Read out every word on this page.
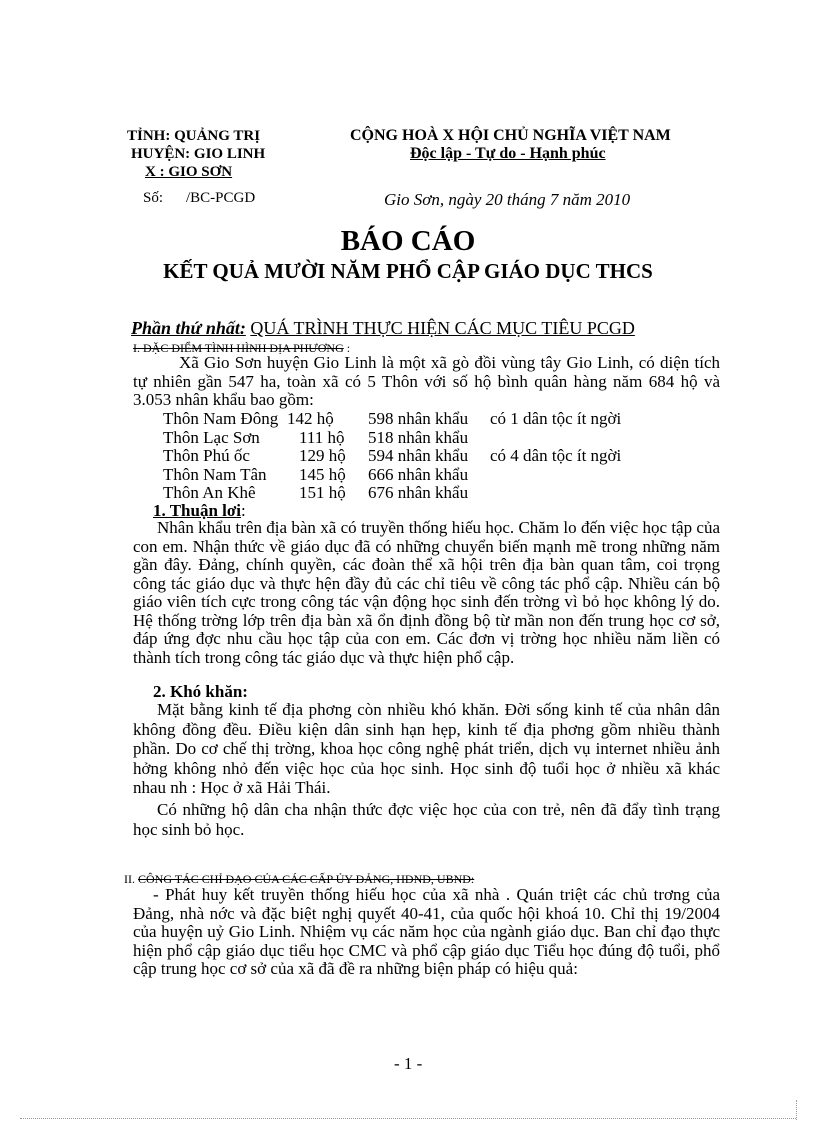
TỈNH: QUẢNG TRỊ
HUYỆN: GIO LINH
X : GIO SƠN
Số: /BC-PCGD
CỘNG HOÀ X HỘI CHỦ NGHĨA VIỆT NAM
Độc lập - Tự do - Hạnh phúc
Gio Sơn, ngày 20 tháng 7 năm 2010
BÁO CÁO
KẾT QUẢ MƯỜI NĂM PHỔ CẬP GIÁO DỤC THCS
Phần thứ nhất: QUÁ TRÌNH THỰC HIỆN CÁC MỤC TIÊU PCGD
I. ĐẶC ĐIỂM TÌNH HÌNH ĐỊA PHƯƠNG :
Xã Gio Sơn huyện Gio Linh là một xã gò đồi vùng tây Gio Linh, có diện tích tự nhiên gần 547 ha, toàn xã có 5 Thôn với số hộ bình quân hàng năm 684 hộ và 3.053 nhân khẩu bao gồm:
Thôn Nam Đông 142 hộ 598 nhân khẩu có 1 dân tộc ít ngời
Thôn Lạc Sơn 111 hộ 518 nhân khẩu
Thôn Phú ốc	129 hộ 594 nhân khẩu có 4 dân tộc ít ngời
Thôn Nam Tân 145 hộ 666 nhân khẩu
Thôn An Khê	151 hộ 676 nhân khẩu
1. Thuận lơi:
Nhân khẩu trên địa bàn xã có truyền thống hiếu học. Chăm lo đến việc học tập của con em. Nhận thức về giáo dục đã có những chuyển biến mạnh mẽ trong những năm gần đây. Đảng, chính quyền, các đoàn thể xã hội trên địa bàn quan tâm, coi trọng công tác giáo dục và thực hện đầy đủ các chỉ tiêu về công tác phổ cập. Nhiều cán bộ giáo viên tích cực trong công tác vận động học sinh đến trờng vì bỏ học không lý do. Hệ thống trờng lớp trên địa bàn xã ổn định đồng bộ từ mần non đến trung học cơ sở, đáp ứng đợc nhu cầu học tập của con em. Các đơn vị trờng học nhiều năm liền có thành tích trong công tác giáo dục và thực hiện phổ cập.
2. Khó khăn:
Mặt bằng kinh tế địa phơng còn nhiều khó khăn. Đời sống kinh tế của nhân dân không đồng đều. Điều kiện dân sinh hạn hẹp, kinh tế địa phơng gồm nhiều thành phần. Do cơ chế thị trờng, khoa học công nghệ phát triển, dịch vụ internet nhiều ảnh hởng không nhỏ đến việc học của học sinh. Học sinh độ tuổi học ở nhiều xã khác nhau nh : Học ở xã Hải Thái.
Có những hộ dân cha nhận thức đợc việc học của con trẻ, nên đã đẩy tình trạng học sinh bỏ học.
II. CÔNG TÁC CHỈ ĐẠO CỦA CÁC CẤP ỦY ĐẢNG, HĐND, UBND:
- Phát huy kết truyền thống hiếu học của xã nhà . Quán triệt các chủ trơng của Đảng, nhà nớc và đặc biệt nghị quyết 40-41, của quốc hội khoá 10. Chỉ thị 19/2004 của huyện uỷ Gio Linh. Nhiệm vụ các năm học của ngành giáo dục. Ban chỉ đạo thực hiện phổ cập giáo dục tiểu học CMC và phổ cập giáo dục Tiểu học đúng độ tuổi, phổ cập trung học cơ sở của xã đã đề ra những biện pháp có hiệu quả:
- 1 -
